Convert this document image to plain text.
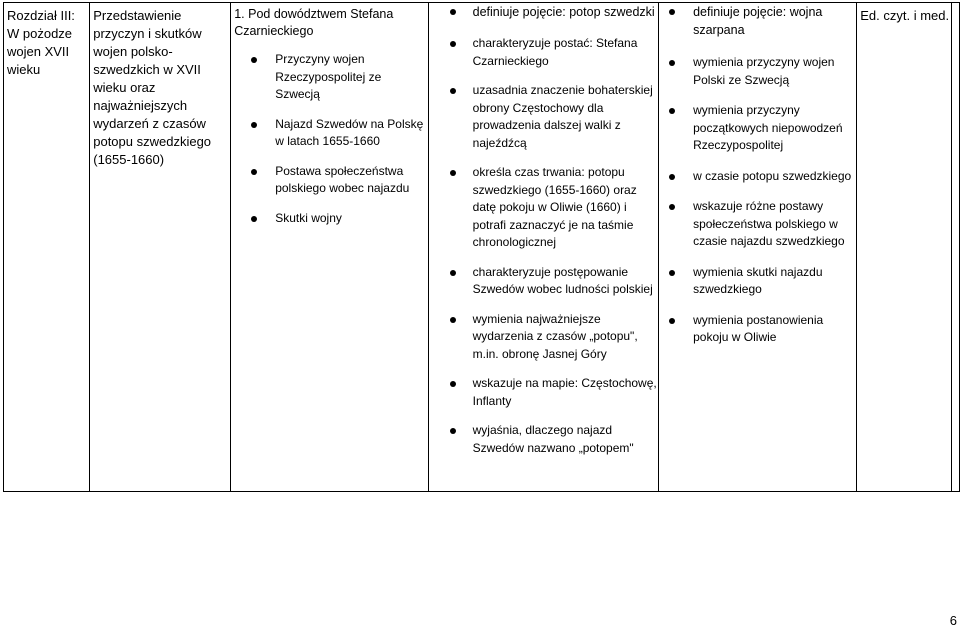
Rozdział III: W pożodze wojen XVII wieku

Przedstawienie przyczyn i skutków wojen polsko-szwedzkich w XVII wieku oraz najważniejszych wydarzeń z czasów potopu szwedzkiego (1655-1660)

1. Pod dowództwem Stefana Czarnieckiego
Przyczyny wojen Rzeczypospolitej ze Szwecją
Najazd Szwedów na Polskę w latach 1655-1660
Postawa społeczeństwa polskiego wobec najazdu
Skutki wojny

definiuje pojęcie: potop szwedzki
charakteryzuje postać: Stefana Czarnieckiego
uzasadnia znaczenie bohaterskiej obrony Częstochowy dla prowadzenia dalszej walki z najeźdźcą
określa czas trwania: potopu szwedzkiego (1655-1660) oraz datę pokoju w Oliwie (1660) i potrafi zaznaczyć je na taśmie chronologicznej
charakteryzuje postępowanie Szwedów wobec ludności polskiej
wymienia najważniejsze wydarzenia z czasów „potopu", m.in. obronę Jasnej Góry
wskazuje na mapie: Częstochowę, Inflanty
wyjaśnia, dlaczego najazd Szwedów nazwano „potopem"

definiuje pojęcie: wojna szarpana
wymienia przyczyny wojen Polski ze Szwecją
wymienia przyczyny początkowych niepowodzeń Rzeczypospolitej
w czasie potopu szwedzkiego
wskazuje różne postawy społeczeństwa polskiego w czasie najazdu szwedzkiego
wymienia skutki najazdu szwedzkiego
wymienia postanowienia pokoju w Oliwie

Ed. czyt. i med.

6
